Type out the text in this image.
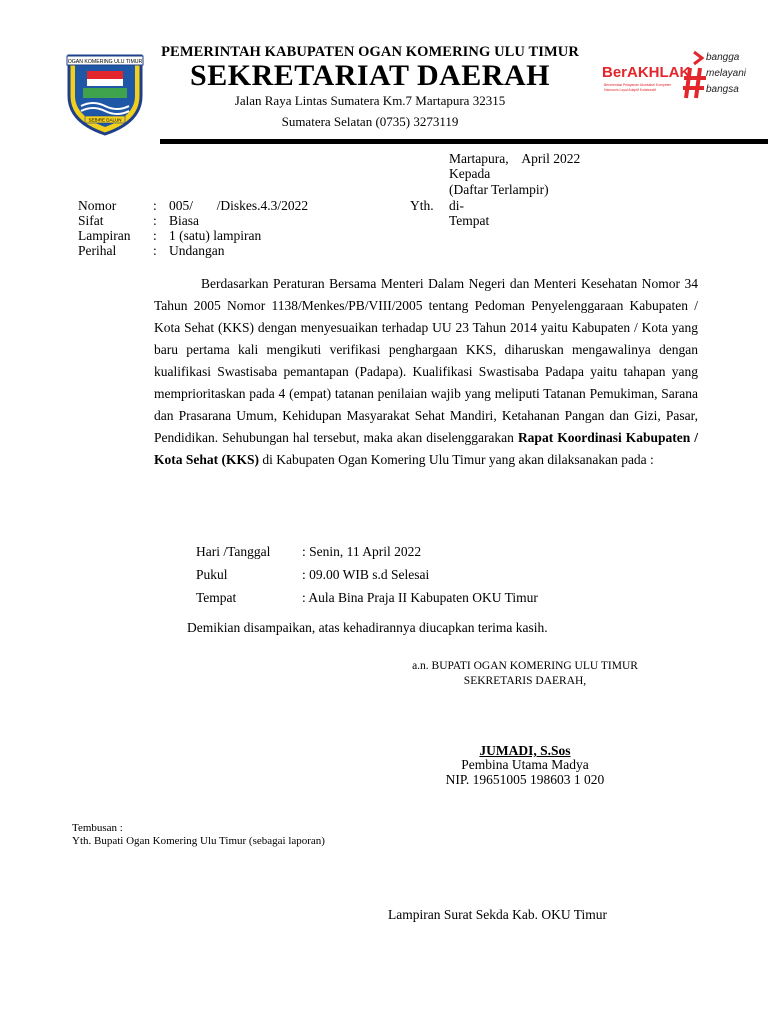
OGAN KOMERING ULU TIMUR
SEBIRE DALUN
PEMERINTAH KABUPATEN OGAN KOMERING ULU TIMUR
SEKRETARIAT DAERAH
Jalan Raya Lintas Sumatera Km.7 Martapura 32315
Sumatera Selatan (0735) 3273119
BerAKHLAK
Berorientasi Pelayanan Akuntabel Kompeten
Harmonis Loyal Adaptif Kolaboratif
bangga
melayani
bangsa
Martapura,    April 2022
Kepada
(Daftar Terlampir)
Yth. di-
Tempat
Nomor	: 005/       /Diskes.4.3/2022
Sifat	: Biasa
Lampiran : 1 (satu) lampiran
Perihal	: Undangan
Berdasarkan Peraturan Bersama Menteri Dalam Negeri dan Menteri Kesehatan Nomor 34 Tahun 2005 Nomor 1138/Menkes/PB/VIII/2005 tentang Pedoman Penyelenggaraan Kabupaten / Kota Sehat (KKS) dengan menyesuaikan terhadap UU 23 Tahun 2014 yaitu Kabupaten / Kota yang baru pertama kali mengikuti verifikasi penghargaan KKS, diharuskan mengawalinya dengan kualifikasi Swastisaba pemantapan (Padapa). Kualifikasi Swastisaba Padapa yaitu tahapan yang memprioritaskan pada 4 (empat) tatanan penilaian wajib yang meliputi Tatanan Pemukiman, Sarana dan Prasarana Umum, Kehidupan Masyarakat Sehat Mandiri, Ketahanan Pangan dan Gizi, Pasar, Pendidikan. Sehubungan hal tersebut, maka akan diselenggarakan Rapat Koordinasi Kabupaten / Kota Sehat (KKS) di Kabupaten Ogan Komering Ulu Timur yang akan dilaksanakan pada :
Hari /Tanggal : Senin, 11 April 2022
Pukul	: 09.00 WIB s.d Selesai
Tempat	: Aula Bina Praja II Kabupaten OKU Timur
Demikian disampaikan, atas kehadirannya diucapkan terima kasih.
a.n. BUPATI OGAN KOMERING ULU TIMUR
SEKRETARIS DAERAH,
JUMADI, S.Sos
Pembina Utama Madya
NIP. 19651005 198603 1 020
Tembusan :
Yth. Bupati Ogan Komering Ulu Timur (sebagai laporan)
Lampiran Surat Sekda Kab. OKU Timur
